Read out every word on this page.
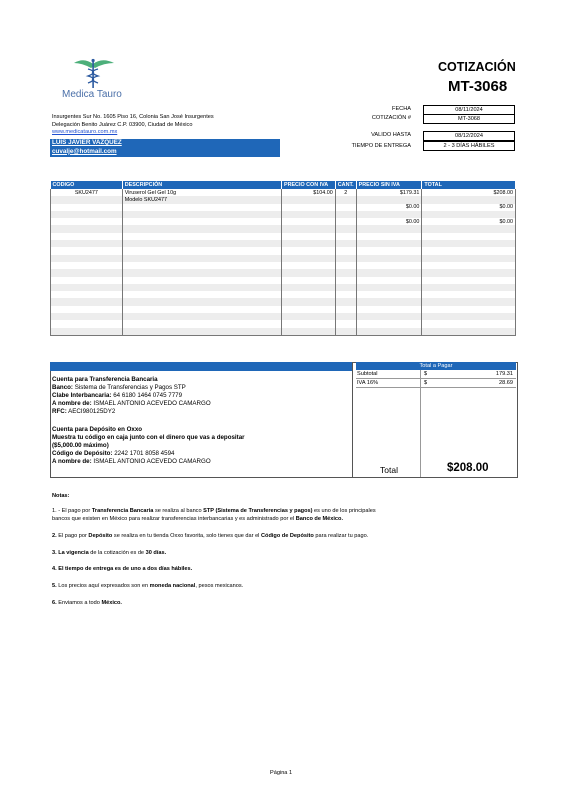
Medica Tauro
COTIZACIÓN
MT-3068
FECHA	08/11/2024
COTIZACIÓN #	MT-3068
VALIDO HASTA	08/12/2024
TIEMPO DE ENTREGA	2 - 3 DÍAS HÁBILES
Insurgentes Sur No. 1605 Piso 16, Colonia San José Insurgentes
Delegación Benito Juárez C.P. 03900, Ciudad de México
www.medicatauro.com.mx
LUIS JAVIER VAZQUEZ
cuvalje@hotmail.com
CODIGO	DESCRIPCIÓN	PRECIO CON IVA	CANT.	PRECIO SIN IVA	TOTAL
SKU2477	Viruserol Gel Gel 10g	$104.00	2	$179.31	$208.00
	Modelo SKU2477				
				$0.00	$0.00

				$0.00	$0.00

Total a Pagar
Subtotal	$	179.31
IVA 16%	$	28.69
Total	$208.00
Cuenta para Transferencia Bancaria
Banco: Sistema de Transferencias y Pagos STP
Clabe Interbancaria: 64 6180 1464 0745 7779
A nombre de: ISMAEL ANTONIO ACEVEDO CAMARGO
RFC: AECI980125DY2
Cuenta para Depósito en Oxxo
Muestra tu código en caja junto con el dinero que vas a depositar
($5,000.00 máximo)
Código de Depósito: 2242 1701 8058 4594
A nombre de: ISMAEL ANTONIO ACEVEDO CAMARGO
Notas:
1. - El pago por Transferencia Bancaria se realiza al banco STP (Sistema de Transferencias y pagos) es uno de los principales
bancos que existen en México para realizar transferencias interbancarias y es administrado por el Banco de México.
2. El pago por Depósito se realiza en tu tienda Oxxo favorita, solo tienes que dar el Código de Depósito para realizar tu pago.
3. La vigencia de la cotización es de 30 días.
4. El tiempo de entrega es de uno a dos días hábiles.
5. Los precios aquí expresados son en moneda nacional, pesos mexicanos.
6. Enviamos a todo México.
Página 1
